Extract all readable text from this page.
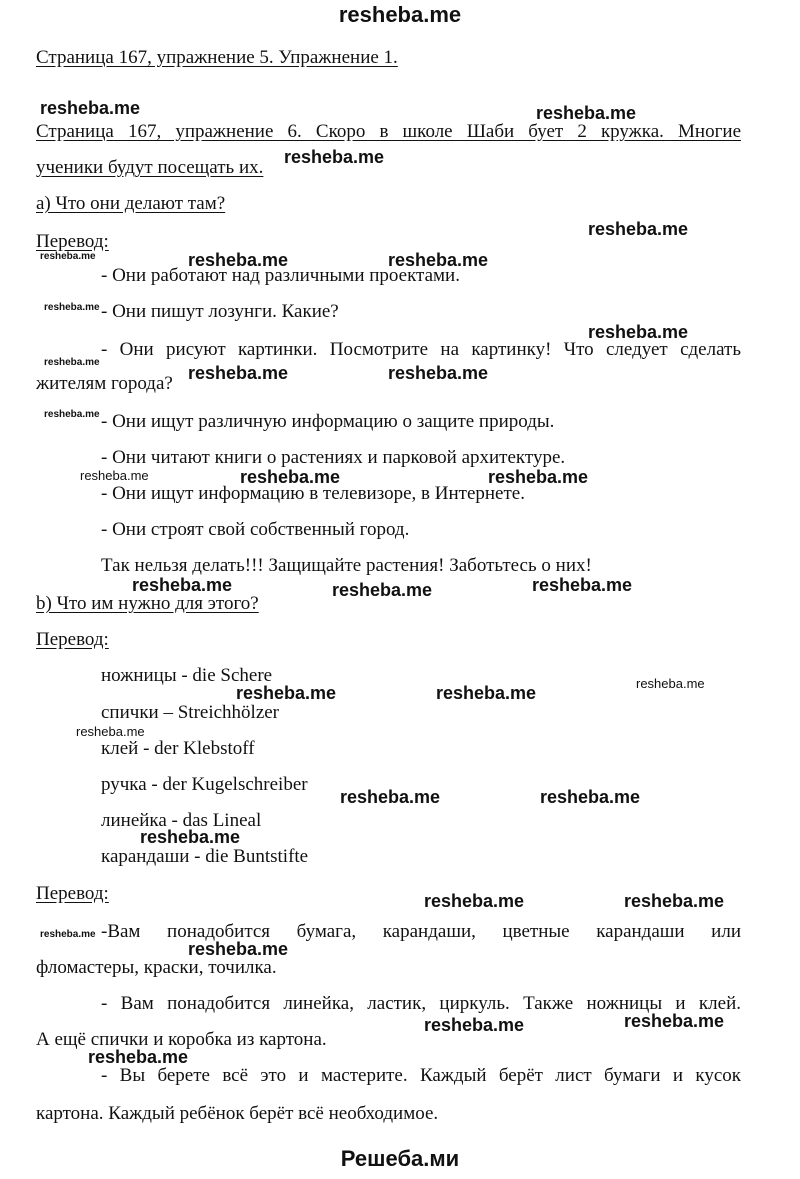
resheba.me
Страница 167, упражнение 5. Упражнение 1.
Страница 167, упражнение 6. Скоро в школе Шаби бует 2 кружка. Многие
ученики будут посещать их.
а) Что они делают там?
Перевод:
- Они работают над различными проектами.
- Они пишут лозунги. Какие?
- Они рисуют картинки. Посмотрите на картинку! Что следует сделать
жителям города?
- Они ищут различную информацию о защите природы.
- Они читают книги о растениях и парковой архитектуре.
- Они ищут информацию в телевизоре, в Интернете.
- Они строят свой собственный город.
Так нельзя делать!!! Защищайте растения! Заботьтесь о них!
b) Что им нужно для этого?
Перевод:
ножницы - die Schere
спички – Streichhölzer
клей - der Klebstoff
ручка - der Kugelschreiber
линейка - das Lineal
карандаши - die Buntstifte
Перевод:
-Вам понадобится бумага, карандаши, цветные карандаши или
фломастеры, краски, точилка.
- Вам понадобится линейка, ластик, циркуль. Также ножницы и клей.
А ещё спички и коробка из картона.
- Вы берете всё это и мастерите. Каждый берёт лист бумаги и кусок
картона. Каждый ребёнок берёт всё необходимое.
Решеба.ми
resheba.me	resheba.me
resheba.me
resheba.me
resheba.me	resheba.me	resheba.me
resheba.me
resheba.me
resheba.me
resheba.me	resheba.me
resheba.me
resheba.me	resheba.me	resheba.me
resheba.me	resheba.me	resheba.me
resheba.me	resheba.me	resheba.me
resheba.me
resheba.me	resheba.me
resheba.me
resheba.me	resheba.me
resheba.me
resheba.me
resheba.me	resheba.me
resheba.me
